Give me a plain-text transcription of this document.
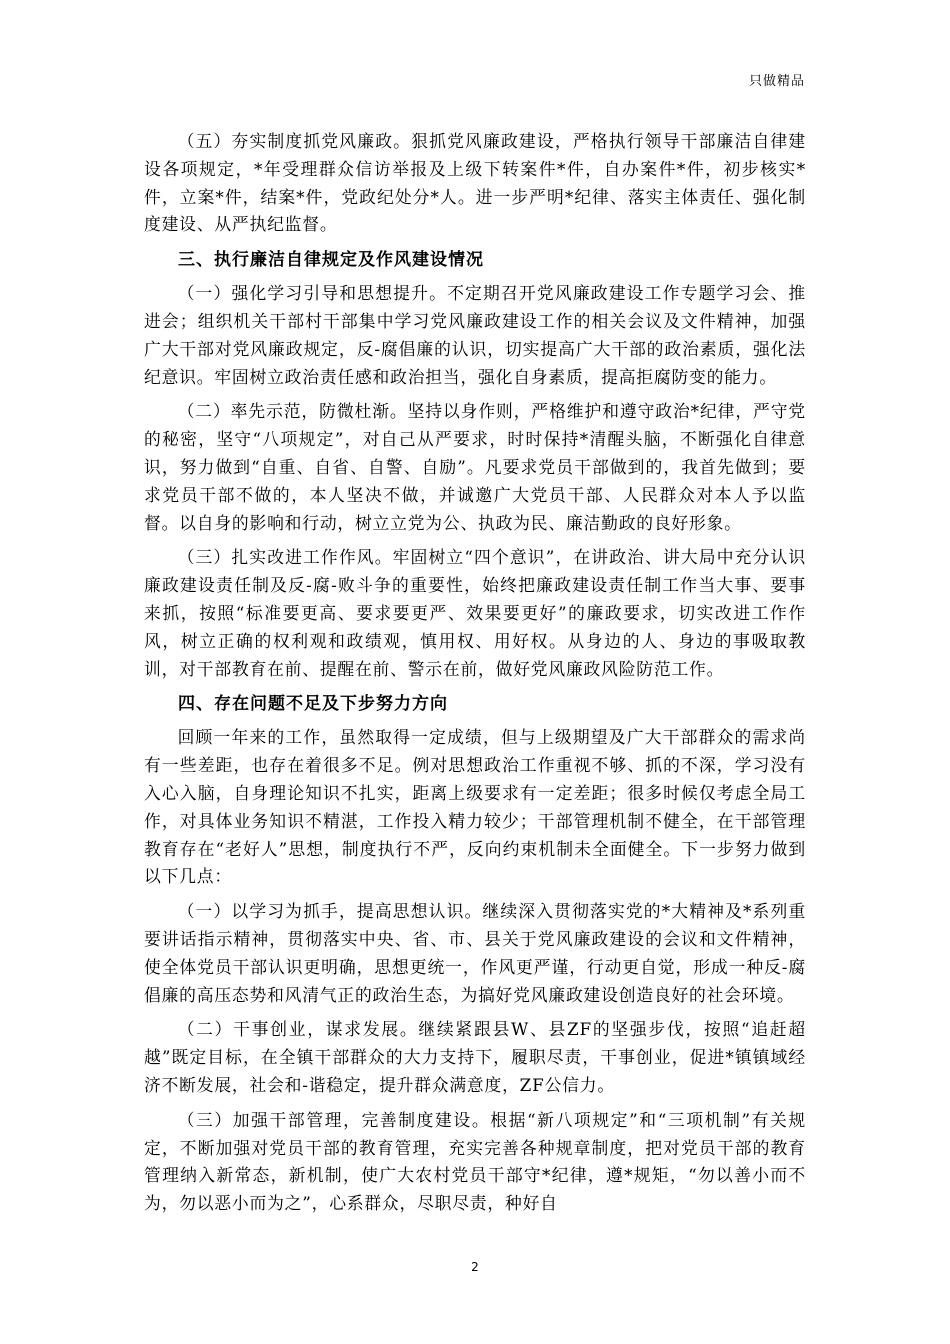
只做精品

（五）夯实制度抓党风廉政。狠抓党风廉政建设，严格执行领导干部廉洁自律建设各项规定，*年受理群众信访举报及上级下转案件*件，自办案件*件，初步核实*件，立案*件，结案*件，党政纪处分*人。进一步严明*纪律、落实主体责任、强化制度建设、从严执纪监督。

三、执行廉洁自律规定及作风建设情况

（一）强化学习引导和思想提升。不定期召开党风廉政建设工作专题学习会、推进会；组织机关干部村干部集中学习党风廉政建设工作的相关会议及文件精神，加强广大干部对党风廉政规定，反-腐倡廉的认识，切实提高广大干部的政治素质，强化法纪意识。牢固树立政治责任感和政治担当，强化自身素质，提高拒腐防变的能力。

（二）率先示范，防微杜渐。坚持以身作则，严格维护和遵守政治*纪律，严守党的秘密，坚守“八项规定”，对自己从严要求，时时保持*清醒头脑，不断强化自律意识，努力做到“自重、自省、自警、自励”。凡要求党员干部做到的，我首先做到；要求党员干部不做的，本人坚决不做，并诚邀广大党员干部、人民群众对本人予以监督。以自身的影响和行动，树立立党为公、执政为民、廉洁勤政的良好形象。

（三）扎实改进工作作风。牢固树立“四个意识”，在讲政治、讲大局中充分认识廉政建设责任制及反-腐-败斗争的重要性，始终把廉政建设责任制工作当大事、要事来抓，按照“标准要更高、要求要更严、效果要更好”的廉政要求，切实改进工作作风，树立正确的权利观和政绩观，慎用权、用好权。从身边的人、身边的事吸取教训，对干部教育在前、提醒在前、警示在前，做好党风廉政风险防范工作。

四、存在问题不足及下步努力方向

回顾一年来的工作，虽然取得一定成绩，但与上级期望及广大干部群众的需求尚有一些差距，也存在着很多不足。例对思想政治工作重视不够、抓的不深，学习没有入心入脑，自身理论知识不扎实，距离上级要求有一定差距；很多时候仅考虑全局工作，对具体业务知识不精湛，工作投入精力较少；干部管理机制不健全，在干部管理教育存在“老好人”思想，制度执行不严，反向约束机制未全面健全。下一步努力做到以下几点：

（一）以学习为抓手，提高思想认识。继续深入贯彻落实党的*大精神及*系列重要讲话指示精神，贯彻落实中央、省、市、县关于党风廉政建设的会议和文件精神，使全体党员干部认识更明确，思想更统一，作风更严谨，行动更自觉，形成一种反-腐倡廉的高压态势和风清气正的政治生态，为搞好党风廉政建设创造良好的社会环境。

（二）干事创业，谋求发展。继续紧跟县W、县ZF的坚强步伐，按照“追赶超越”既定目标，在全镇干部群众的大力支持下，履职尽责，干事创业，促进*镇镇域经济不断发展，社会和-谐稳定，提升群众满意度，ZF公信力。

（三）加强干部管理，完善制度建设。根据“新八项规定”和“三项机制”有关规定，不断加强对党员干部的教育管理，充实完善各种规章制度，把对党员干部的教育管理纳入新常态，新机制，使广大农村党员干部守*纪律，遵*规矩，“勿以善小而不为，勿以恶小而为之”，心系群众，尽职尽责，种好自

2
